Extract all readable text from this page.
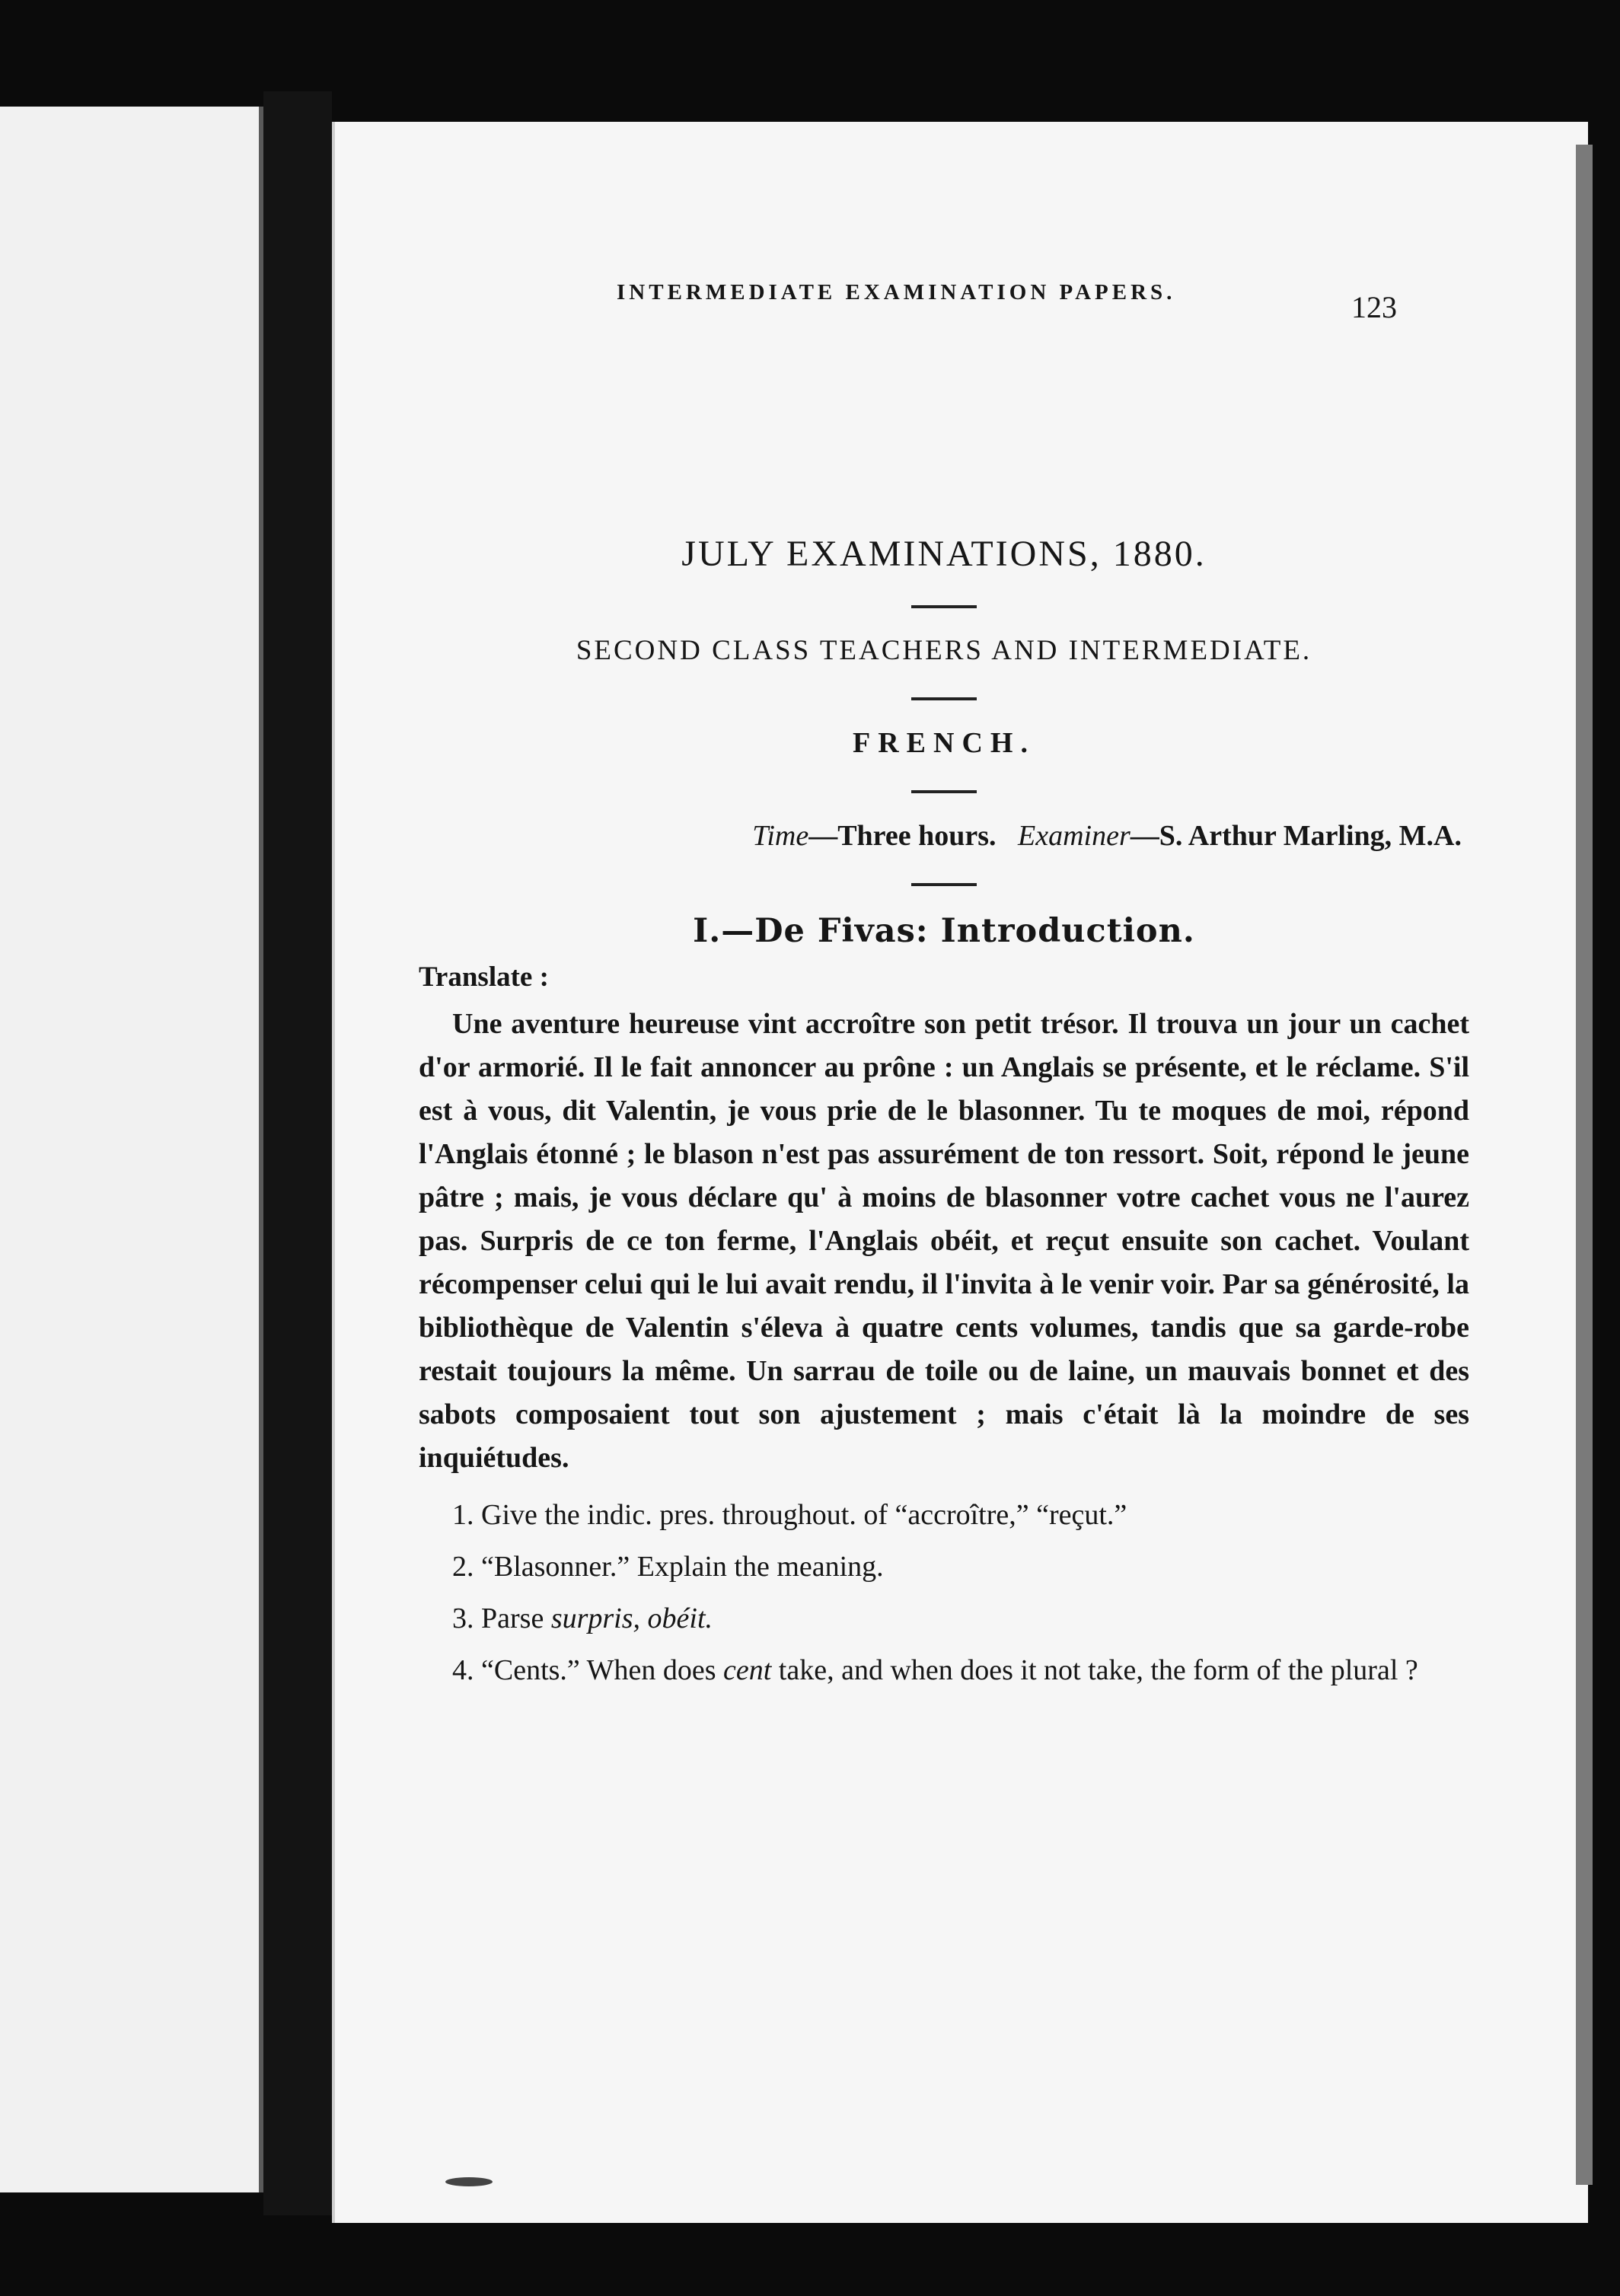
INTERMEDIATE EXAMINATION PAPERS.	123

JULY EXAMINATIONS, 1880.

SECOND CLASS TEACHERS AND INTERMEDIATE.

FRENCH.

Time—Three hours. Examiner—S. Arthur Marling, M.A.

I.—De Fivas: Introduction.

Translate :

Une aventure heureuse vint accroître son petit trésor. Il trouva un jour un cachet d'or armorié. Il le fait annoncer au prône : un Anglais se présente, et le réclame. S'il est à vous, dit Valentin, je vous prie de le blasonner. Tu te moques de moi, répond l'Anglais étonné ; le blason n'est pas assurément de ton ressort. Soit, répond le jeune pâtre ; mais, je vous déclare qu' à moins de blasonner votre cachet vous ne l'aurez pas. Surpris de ce ton ferme, l'Anglais obéit, et reçut ensuite son cachet. Voulant récompenser celui qui le lui avait rendu, il l'invita à le venir voir. Par sa générosité, la bibliothèque de Valentin s'éleva à quatre cents volumes, tandis que sa garde-robe restait toujours la même. Un sarrau de toile ou de laine, un mauvais bonnet et des sabots composaient tout son ajustement ; mais c'était là la moindre de ses inquiétudes.

1. Give the indic. pres. throughout. of “accroître,” “reçut.”

2. “Blasonner.” Explain the meaning.

3. Parse surpris, obéit.

4. “Cents.” When does cent take, and when does it not take, the form of the plural ?
